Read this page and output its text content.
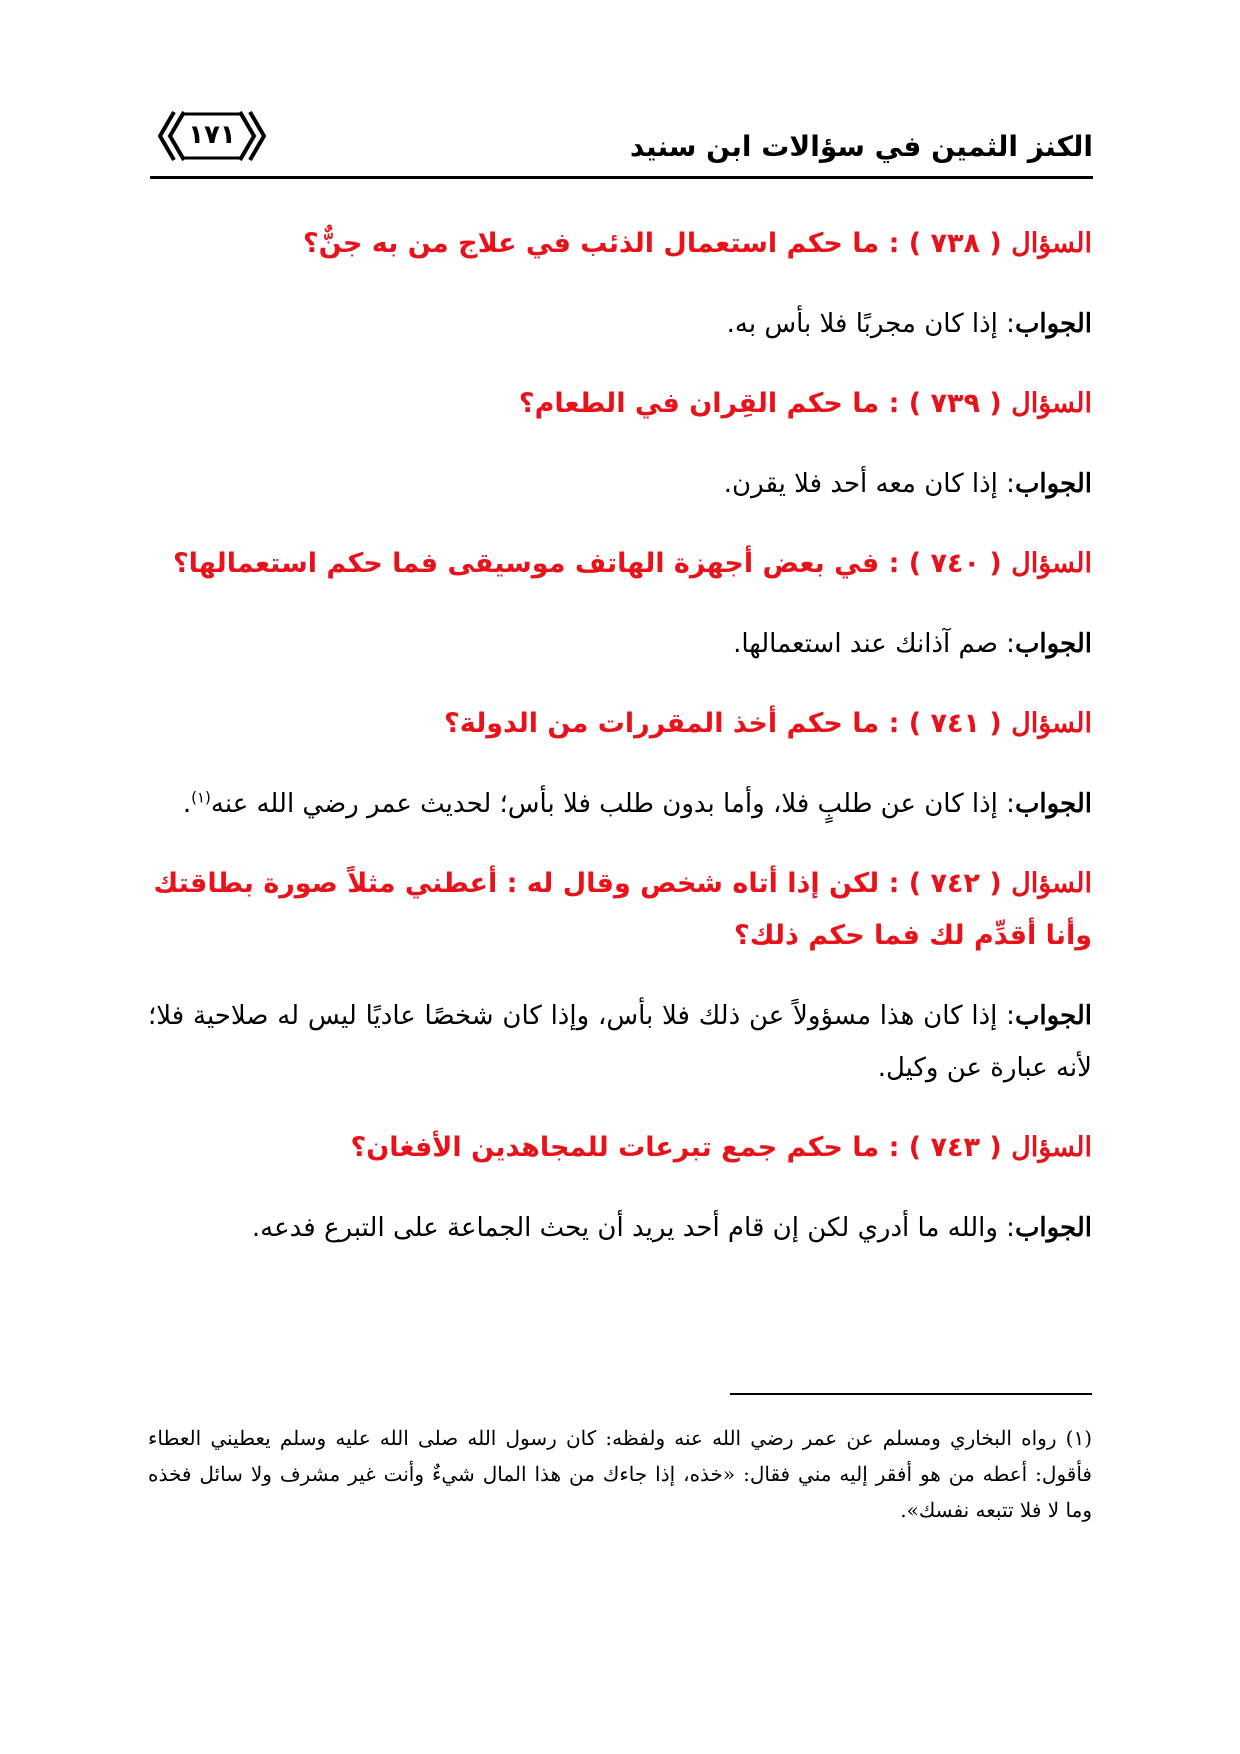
الكنز الثمين في سؤالات ابن سنيد
١٧١

السؤال ( ٧٣٨ ) : ما حكم استعمال الذئب في علاج من به جنٌّ؟

الجواب: إذا كان مجربًا فلا بأس به.

السؤال ( ٧٣٩ ) : ما حكم القِران في الطعام؟

الجواب: إذا كان معه أحد فلا يقرن.

السؤال ( ٧٤٠ ) : في بعض أجهزة الهاتف موسيقى فما حكم استعمالها؟

الجواب: صم آذانك عند استعمالها.

السؤال ( ٧٤١ ) : ما حكم أخذ المقررات من الدولة؟

الجواب: إذا كان عن طلبٍ فلا، وأما بدون طلب فلا بأس؛ لحديث عمر رضي الله عنه$^{(١)}$.

السؤال ( ٧٤٢ ) : لكن إذا أتاه شخص وقال له : أعطني مثلاً صورة بطاقتك وأنا أقدِّم لك فما حكم ذلك؟

الجواب: إذا كان هذا مسؤولاً عن ذلك فلا بأس، وإذا كان شخصًا عاديًا ليس له صلاحية فلا؛ لأنه عبارة عن وكيل.

السؤال ( ٧٤٣ ) : ما حكم جمع تبرعات للمجاهدين الأفغان؟

الجواب: والله ما أدري لكن إن قام أحد يريد أن يحث الجماعة على التبرع فدعه.

(١) رواه البخاري ومسلم عن عمر رضي الله عنه ولفظه: كان رسول الله صلى الله عليه وسلم يعطيني العطاء فأقول: أعطه من هو أفقر إليه مني فقال: «خذه، إذا جاءك من هذا المال شيءٌ وأنت غير مشرف ولا سائل فخذه وما لا فلا تتبعه نفسك».
